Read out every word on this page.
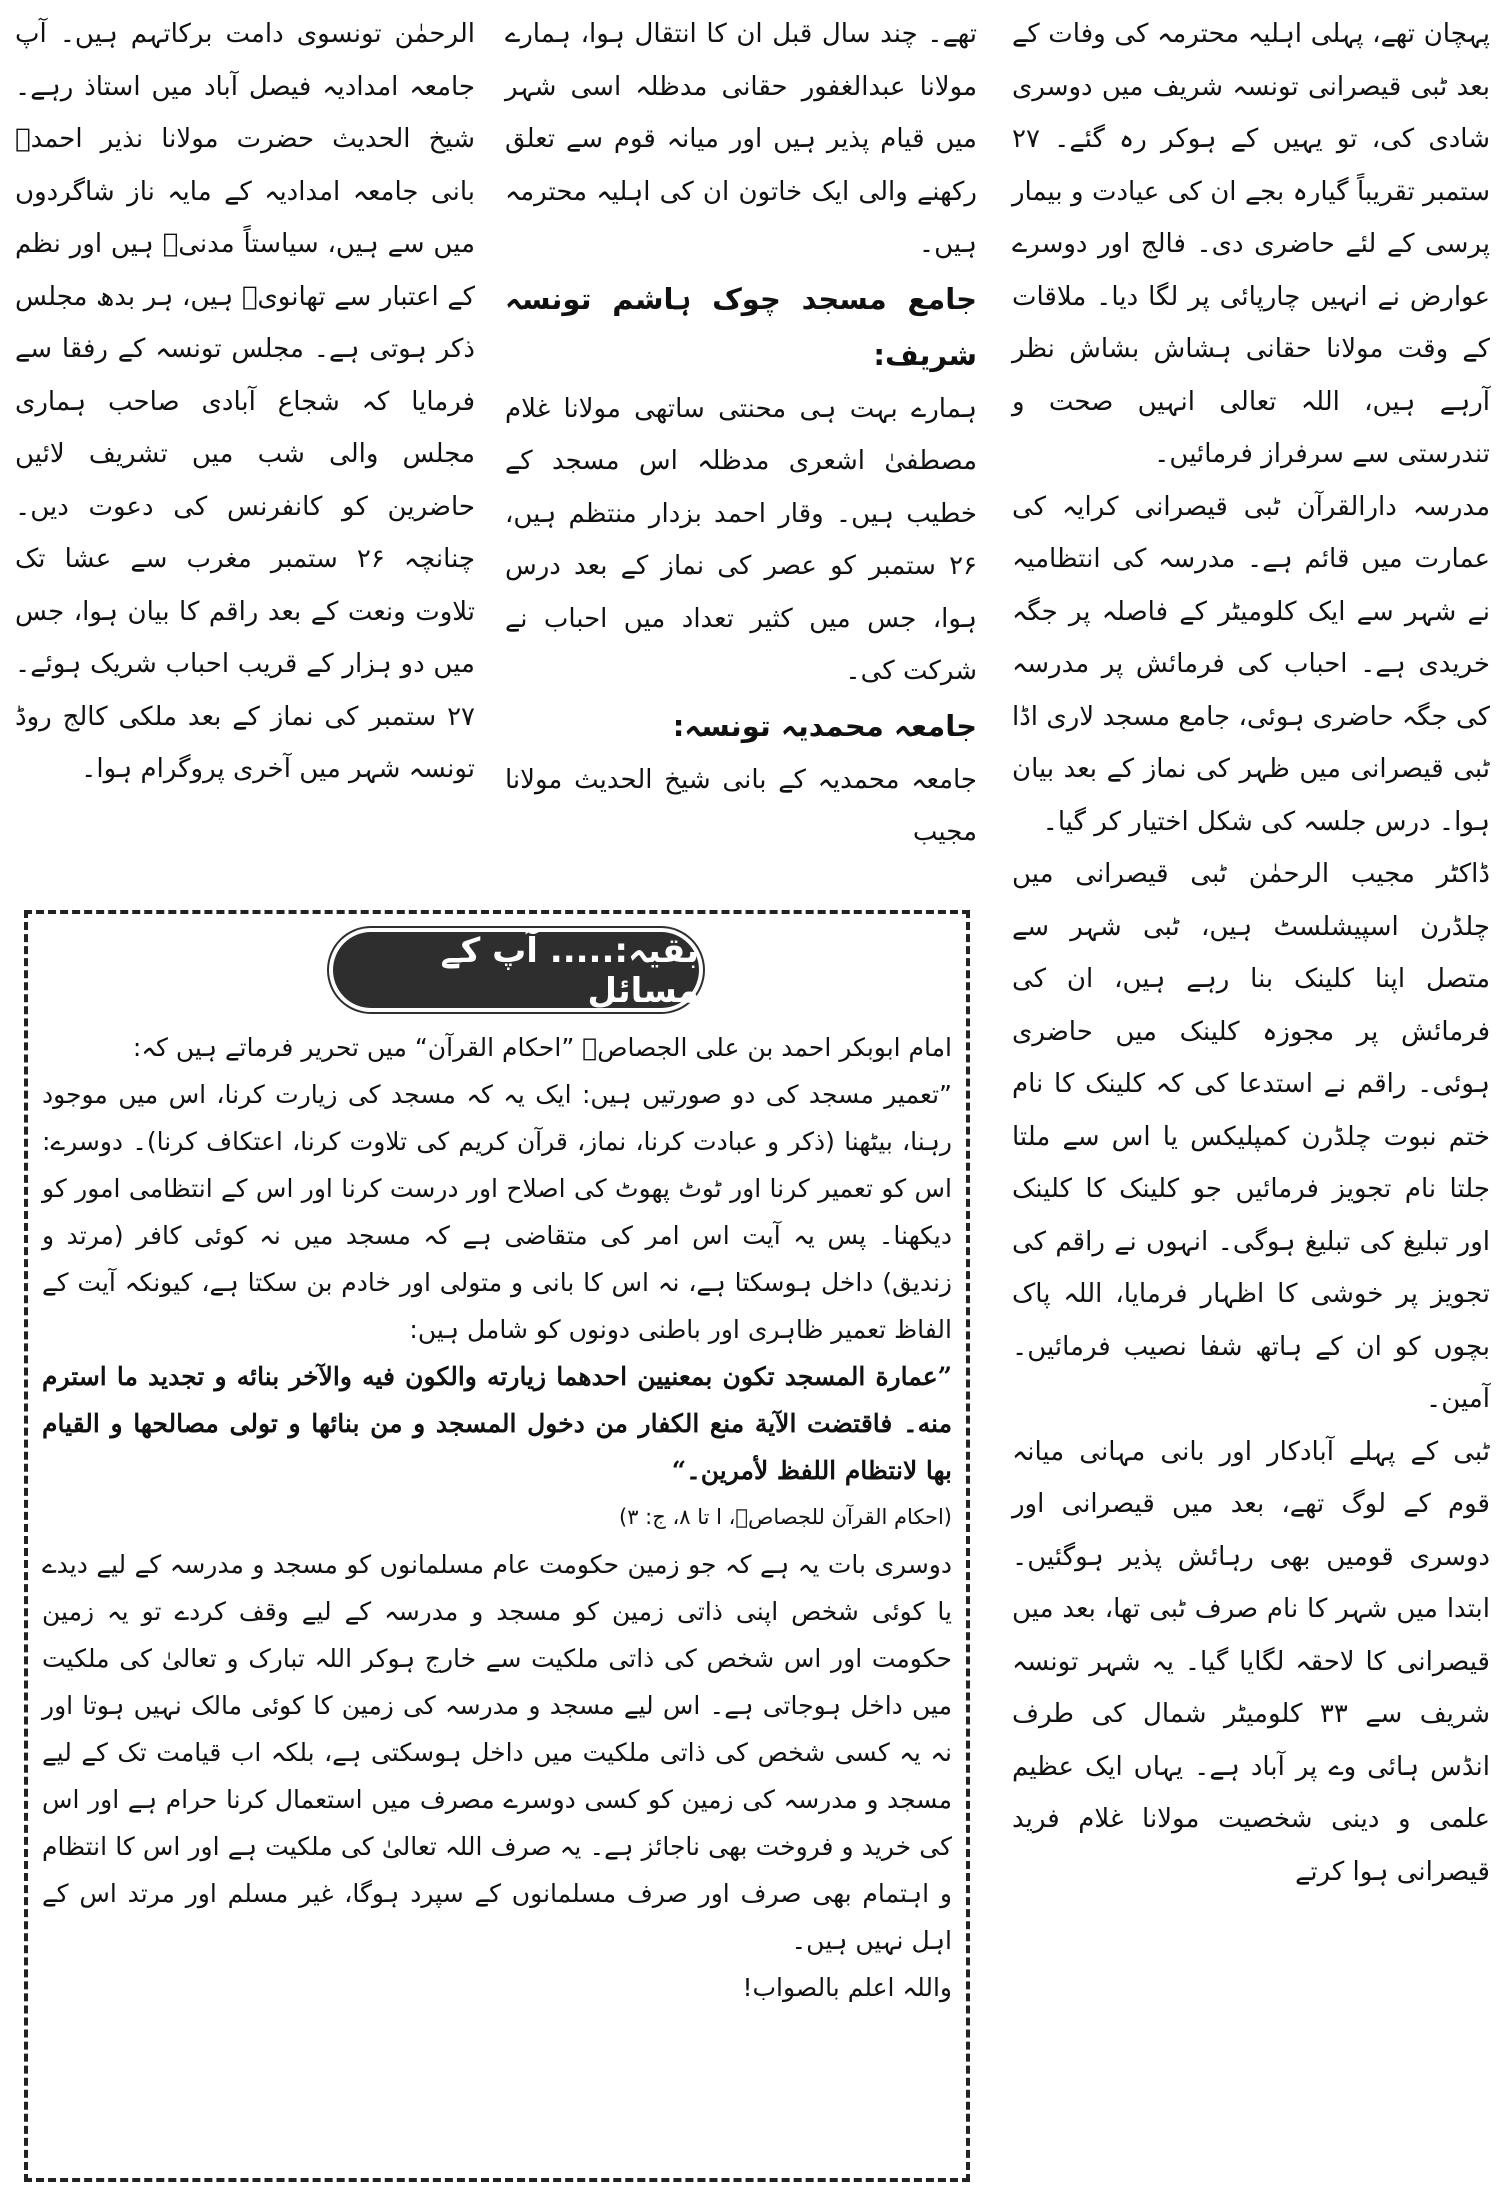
پہچان تھے، پہلی اہلیہ محترمہ کی وفات کے بعد ٹبی قیصرانی تونسہ شریف میں دوسری شادی کی، تو یہیں کے ہوکر رہ گئے۔ ۲۷ ستمبر تقریباً گیارہ بجے ان کی عیادت و بیمار پرسی کے لئے حاضری دی۔ فالج اور دوسرے عوارض نے انہیں چارپائی پر لگا دیا۔ ملاقات کے وقت مولانا حقانی ہشاش بشاش نظر آرہے ہیں، اللہ تعالی انہیں صحت و تندرستی سے سرفراز فرمائیں۔

مدرسہ دارالقرآن ٹبی قیصرانی کرایہ کی عمارت میں قائم ہے۔ مدرسہ کی انتظامیہ نے شہر سے ایک کلومیٹر کے فاصلہ پر جگہ خریدی ہے۔ احباب کی فرمائش پر مدرسہ کی جگہ حاضری ہوئی، جامع مسجد لاری اڈا ٹبی قیصرانی میں ظہر کی نماز کے بعد بیان ہوا۔ درس جلسہ کی شکل اختیار کر گیا۔

ڈاکٹر مجیب الرحمٰن ٹبی قیصرانی میں چلڈرن اسپیشلسٹ ہیں، ٹبی شہر سے متصل اپنا کلینک بنا رہے ہیں، ان کی فرمائش پر مجوزہ کلینک میں حاضری ہوئی۔ راقم نے استدعا کی کہ کلینک کا نام ختم نبوت چلڈرن کمپلیکس یا اس سے ملتا جلتا نام تجویز فرمائیں جو کلینک کا کلینک اور تبلیغ کی تبلیغ ہوگی۔ انہوں نے راقم کی تجویز پر خوشی کا اظہار فرمایا، اللہ پاک بچوں کو ان کے ہاتھ شفا نصیب فرمائیں۔ آمین۔

ٹبی کے پہلے آبادکار اور بانی مہانی میانہ قوم کے لوگ تھے، بعد میں قیصرانی اور دوسری قومیں بھی رہائش پذیر ہوگئیں۔ ابتدا میں شہر کا نام صرف ٹبی تھا، بعد میں قیصرانی کا لاحقہ لگایا گیا۔ یہ شہر تونسہ شریف سے ۳۳ کلومیٹر شمال کی طرف انڈس ہائی وے پر آباد ہے۔ یہاں ایک عظیم علمی و دینی شخصیت مولانا غلام فرید قیصرانی ہوا کرتے

تھے۔ چند سال قبل ان کا انتقال ہوا، ہمارے مولانا عبدالغفور حقانی مدظلہ اسی شہر میں قیام پذیر ہیں اور میانہ قوم سے تعلق رکھنے والی ایک خاتون ان کی اہلیہ محترمہ ہیں۔

جامع مسجد چوک ہاشم تونسہ شریف:

ہمارے بہت ہی محنتی ساتھی مولانا غلام مصطفیٰ اشعری مدظلہ اس مسجد کے خطیب ہیں۔ وقار احمد بزدار منتظم ہیں، ۲۶ ستمبر کو عصر کی نماز کے بعد درس ہوا، جس میں کثیر تعداد میں احباب نے شرکت کی۔

جامعہ محمدیہ تونسہ:

جامعہ محمدیہ کے بانی شیخ الحدیث مولانا مجیب

الرحمٰن تونسوی دامت برکاتہم ہیں۔ آپ جامعہ امدادیہ فیصل آباد میں استاذ رہے۔ شیخ الحدیث حضرت مولانا نذیر احمدؒ بانی جامعہ امدادیہ کے مایہ ناز شاگردوں میں سے ہیں، سیاستاً مدنیؒ ہیں اور نظم کے اعتبار سے تھانویؒ ہیں، ہر بدھ مجلس ذکر ہوتی ہے۔ مجلس تونسہ کے رفقا سے فرمایا کہ شجاع آبادی صاحب ہماری مجلس والی شب میں تشریف لائیں حاضرین کو کانفرنس کی دعوت دیں۔ چنانچہ ۲۶ ستمبر مغرب سے عشا تک تلاوت ونعت کے بعد راقم کا بیان ہوا، جس میں دو ہزار کے قریب احباب شریک ہوئے۔ ۲۷ ستمبر کی نماز کے بعد ملکی کالج روڈ تونسہ شہر میں آخری پروگرام ہوا۔

بقیہ:..... آپ کے مسائل

امام ابوبکر احمد بن علی الجصاصؒ ”احکام القرآن“ میں تحریر فرماتے ہیں کہ:

”تعمیر مسجد کی دو صورتیں ہیں: ایک یہ کہ مسجد کی زیارت کرنا، اس میں موجود رہنا، بیٹھنا (ذکر و عبادت کرنا، نماز، قرآن کریم کی تلاوت کرنا، اعتکاف کرنا)۔ دوسرے: اس کو تعمیر کرنا اور ٹوٹ پھوٹ کی اصلاح اور درست کرنا اور اس کے انتظامی امور کو دیکھنا۔ پس یہ آیت اس امر کی متقاضی ہے کہ مسجد میں نہ کوئی کافر (مرتد و زندیق) داخل ہوسکتا ہے، نہ اس کا بانی و متولی اور خادم بن سکتا ہے، کیونکہ آیت کے الفاظ تعمیر ظاہری اور باطنی دونوں کو شامل ہیں:

”عمارة المسجد تکون بمعنیین احدهما زیارته والکون فیه والآخر بنائه و تجدید ما استرم منه۔ فاقتضت الآیة منع الکفار من دخول المسجد و من بنائها و تولی مصالحها و القیام بها لانتظام اللفظ لأمرین۔“

(احکام القرآن للجصاصؒ، ا تا ۸، ج: ۳)

دوسری بات یہ ہے کہ جو زمین حکومت عام مسلمانوں کو مسجد و مدرسہ کے لیے دیدے یا کوئی شخص اپنی ذاتی زمین کو مسجد و مدرسہ کے لیے وقف کردے تو یہ زمین حکومت اور اس شخص کی ذاتی ملکیت سے خارج ہوکر اللہ تبارک و تعالیٰ کی ملکیت میں داخل ہوجاتی ہے۔ اس لیے مسجد و مدرسہ کی زمین کا کوئی مالک نہیں ہوتا اور نہ یہ کسی شخص کی ذاتی ملکیت میں داخل ہوسکتی ہے، بلکہ اب قیامت تک کے لیے مسجد و مدرسہ کی زمین کو کسی دوسرے مصرف میں استعمال کرنا حرام ہے اور اس کی خرید و فروخت بھی ناجائز ہے۔ یہ صرف اللہ تعالیٰ کی ملکیت ہے اور اس کا انتظام و اہتمام بھی صرف اور صرف مسلمانوں کے سپرد ہوگا، غیر مسلم اور مرتد اس کے اہل نہیں ہیں۔

واللہ اعلم بالصواب!
